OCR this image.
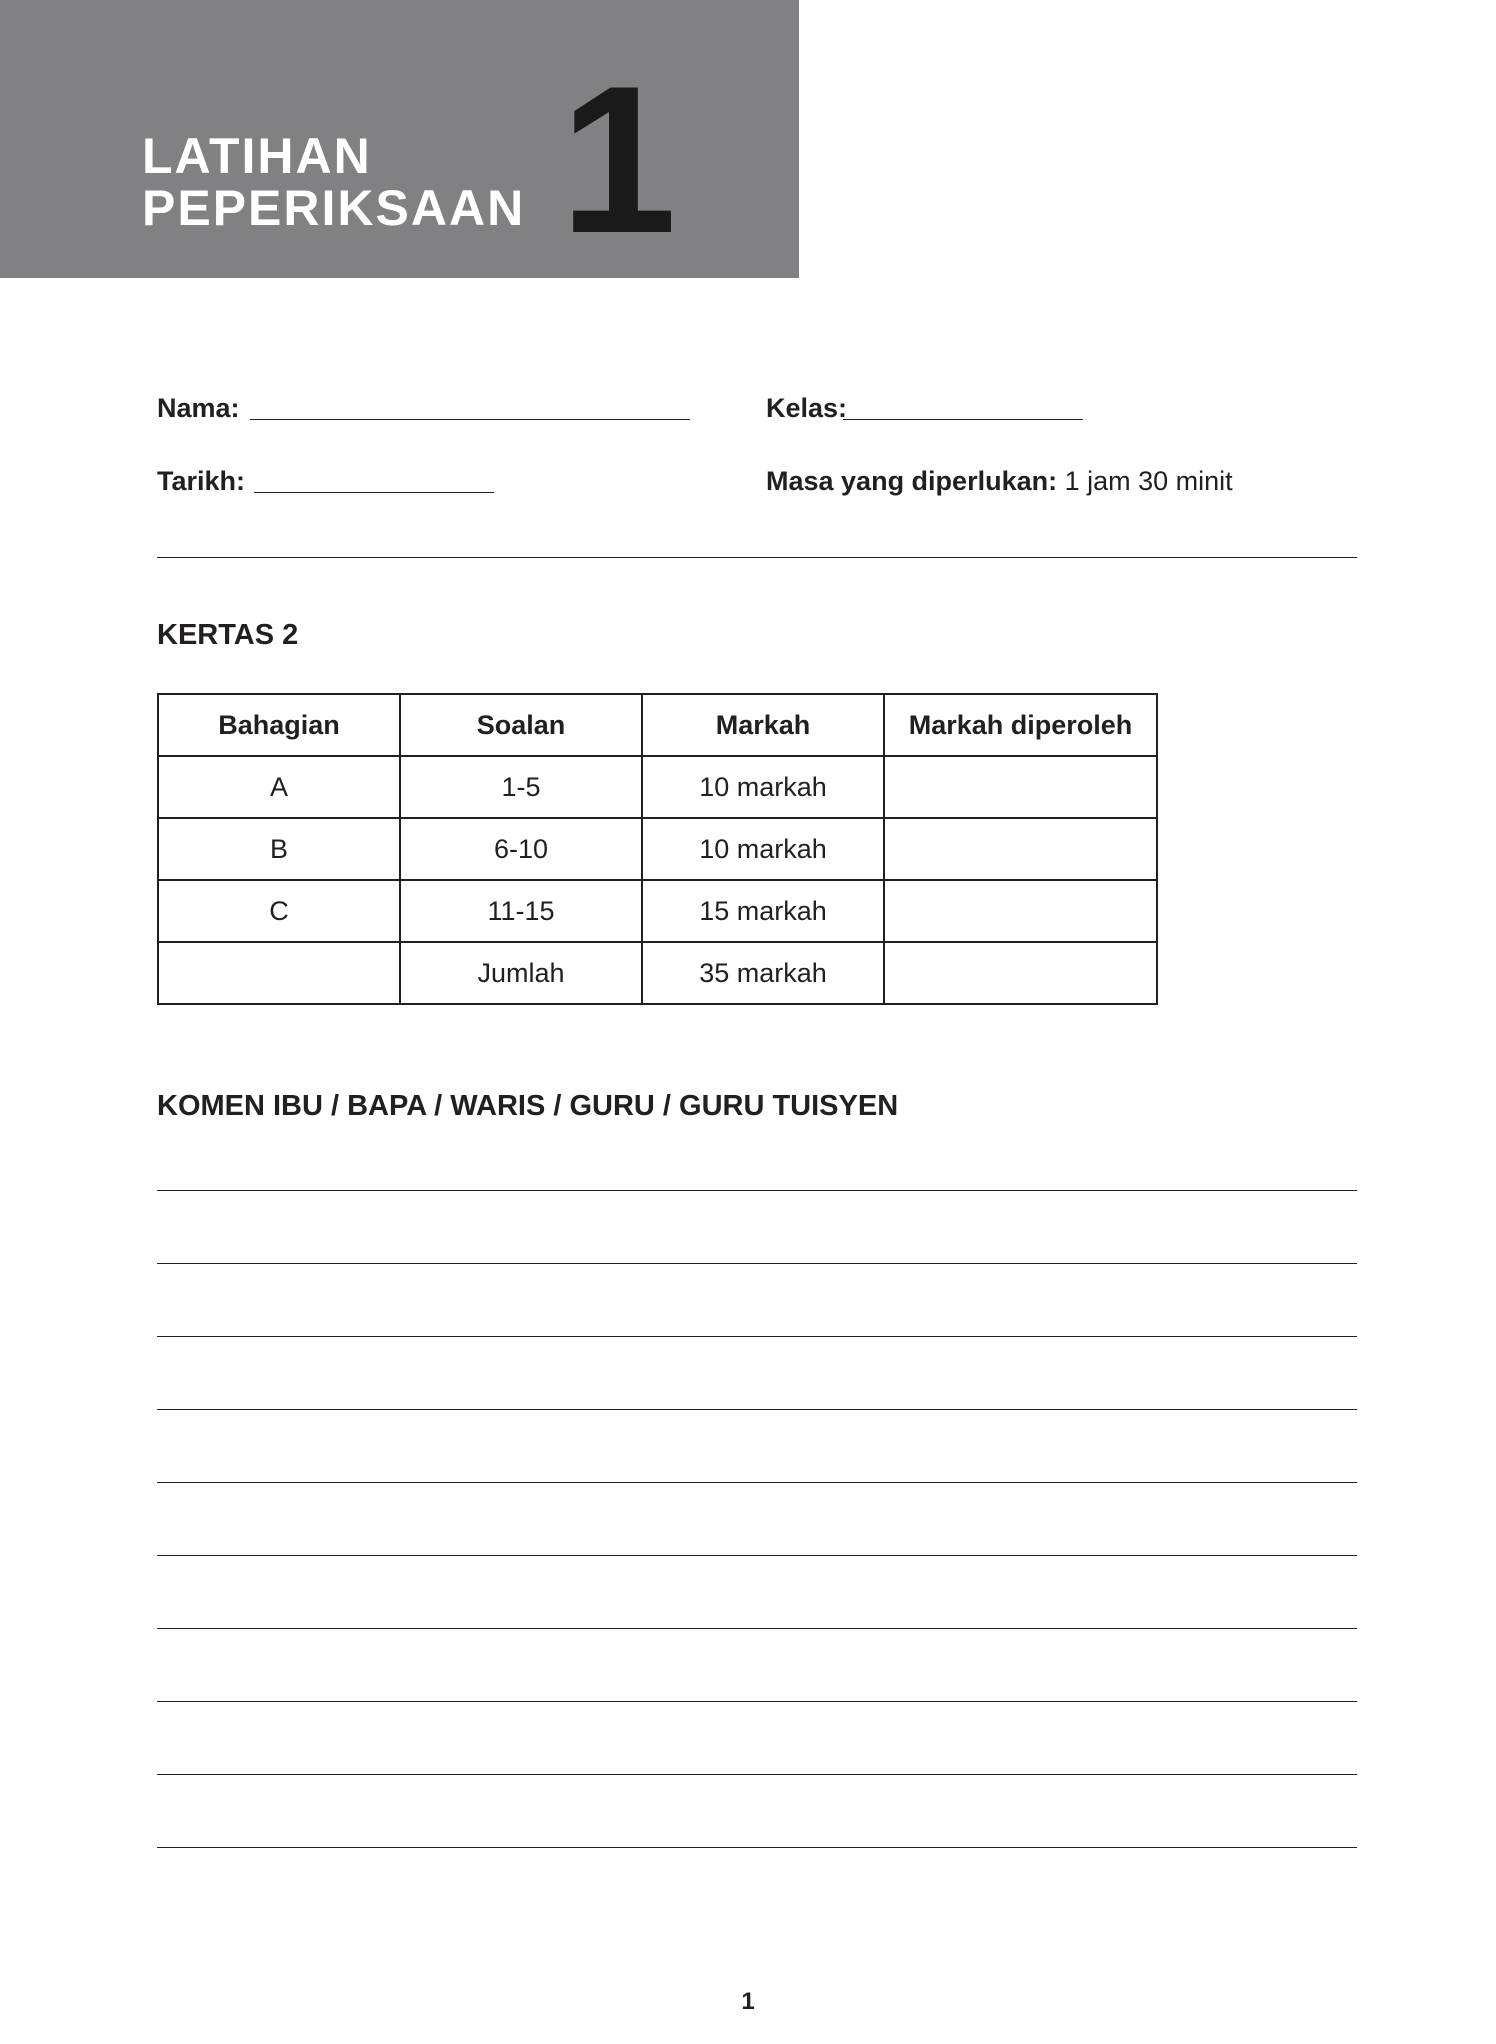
LATIHAN
PEPERIKSAAN 1
Nama:	Kelas:
Tarikh:	Masa yang diperlukan: 1 jam 30 minit
KERTAS 2
Bahagian	Soalan	Markah	Markah diperoleh
A	1-5	10 markah	
B	6-10	10 markah	
C	11-15	15 markah	
	Jumlah	35 markah	
KOMEN IBU / BAPA / WARIS / GURU / GURU TUISYEN
1
